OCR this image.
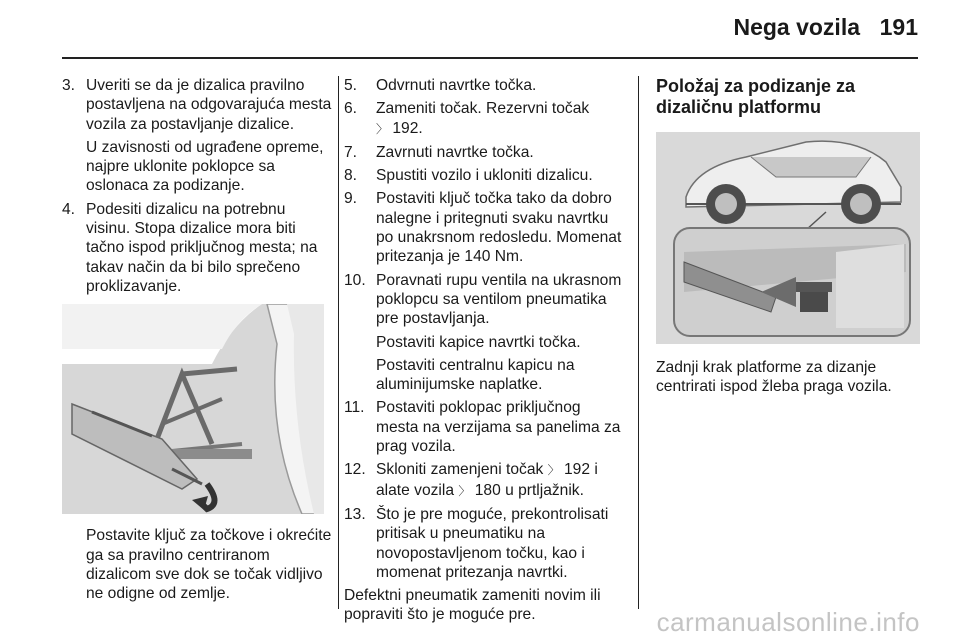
Nega vozila 191
3. Uveriti se da je dizalica pravilno postavljena na odgovarajuća mesta vozila za postavljanje dizalice.

U zavisnosti od ugrađene opreme, najpre uklonite poklopce sa oslonaca za podizanje.

4. Podesiti dizalicu na potrebnu visinu. Stopa dizalice mora biti tačno ispod priključnog mesta; na takav način da bi bilo sprečeno proklizavanje.

Postavite ključ za točkove i okrećite ga sa pravilno centriranom dizalicom sve dok se točak vidljivo ne odigne od zemlje.

5. Odvrnuti navrtke točka.

6. Zameniti točak. Rezervni točak
〉 192.

7. Zavrnuti navrtke točka.

8. Spustiti vozilo i ukloniti dizalicu.

9. Postaviti ključ točka tako da dobro nalegne i pritegnuti svaku navrtku po unakrsnom redosledu. Momenat pritezanja je 140 Nm.

10. Poravnati rupu ventila na ukrasnom poklopcu sa ventilom pneumatika pre postavljanja.

Postaviti kapice navrtki točka.

Postaviti centralnu kapicu na aluminijumske naplatke.

11. Postaviti poklopac priključnog mesta na verzijama sa panelima za prag vozila.

12. Skloniti zamenjeni točak 〉 192 i alate vozila 〉 180 u prtljažnik.

13. Što je pre moguće, prekontrolisati pritisak u pneumatiku na novopostavljenom točku, kao i momenat pritezanja navrtki.

Defektni pneumatik zameniti novim ili popraviti što je moguće pre.

Položaj za podizanje za dizaličnu platformu

Zadnji krak platforme za dizanje centrirati ispod žleba praga vozila.

carmanualsonline.info
